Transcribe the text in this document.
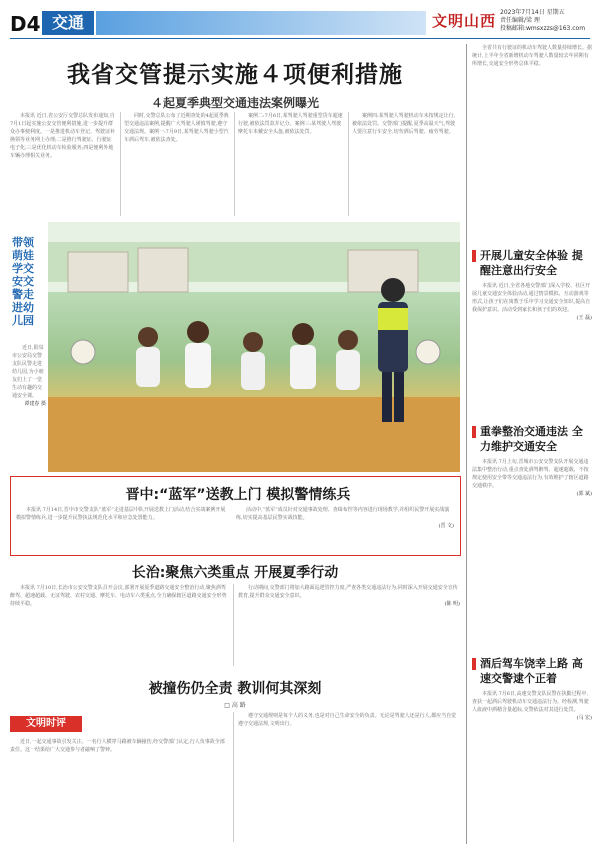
D4 交通	文明山西 2023年7月14日 星期五
责任编辑/梁 理
投稿邮箱:wmsxzzs@163.com
我省交管提示实施４项便利措施
４起夏季典型交通违法案例曝光

本报讯 近日,省公安厅交警总队发布通知,自7月1日起实施公安交管便利措施,进一步提升群众办事便利度。一是推进机动车登记、驾驶证补换领等业务网上办理;二是推行驾驶证、行驶证电子化;三是优化机动车检验服务;四是便利外地车辆办理相关业务。

同时,交警总队公布了近期查处的4起夏季典型交通违法案例,提醒广大驾驶人谨慎驾驶,遵守交通法规。案例一:7月9日,某驾驶人驾驶小型汽车酒后驾车,被依法查处。

案例二:7月6日,某驾驶人驾驶重型货车超速行驶,被依法罚款并记分。案例三:某驾驶人驾驶摩托车未戴安全头盔,被依法处罚。

案例四:某驾驶人驾驶机动车未按规定让行,被依法处罚。交警部门提醒,夏季高温天气,驾驶人要注意行车安全,切勿酒后驾驶、疲劳驾驶。

带领萌娃学交安交警走进幼儿园

近日,阳泉市公安局交警支队民警走进幼儿园,为小朋友们上了一堂生动有趣的交通安全课。

谭建春 摄
晋中:“蓝军”送教上门 模拟警情练兵

本报讯 7月14日,晋中市交警支队“蓝军”走进基层中队开展送教上门活动,结合实战案例开展模拟警情练兵,进一步提升民警执法规范化水平和应急处置能力。

活动中,“蓝军”成员针对交通事故处理、查缉布控等内容进行现场教学,并组织民警开展实战演练,切实提高基层民警实战技能。

(晋 文)
长治:聚焦六类重点 开展夏季行动

本报讯 7月10日,长治市公安交警支队召开会议,部署开展夏季道路交通安全整治行动,聚焦酒驾醉驾、超速超载、无证驾驶、农村交通、摩托车、电动车六类重点,全力确保辖区道路交通安全形势持续平稳。

行动期间,交警部门将加大路面巡逻管控力度,严查各类交通违法行为,同时深入开展交通安全宣传教育,提升群众交通安全意识。

(陈 明)
被撞伤仍全责 教训何其深刻
□ 高 路
文明时评

近日,一起交通事故引发关注。一名行人横穿马路被车辆撞伤,经交警部门认定,行人负事故全部责任。这一结果给广大交通参与者敲响了警钟。

遵守交通规则是每个人的义务,也是对自己生命安全的负责。无论是驾驶人还是行人,都应当自觉遵守交通法规,文明出行。

全省共有行驶证的机动车驾驶人数量持续增长。据统计,上半年全省新增机动车驾驶人数量较去年同期有所增长,交通安全形势总体平稳。

开展儿童安全体验 提醒注意出行安全

本报讯 近日,全省各地交警部门深入学校、社区开展儿童交通安全体验活动,通过情景模拟、互动游戏等形式,让孩子们在寓教于乐中学习交通安全知识,提高自我保护意识。活动受到家长和孩子们的欢迎。

(王 磊)
重拳整治交通违法 全力维护交通安全

本报讯 7月上旬,晋城市公安交警支队开展交通违法集中整治行动,重点查处酒驾醉驾、超速超载、不按规定使用安全带等交通违法行为,有效维护了辖区道路交通秩序。

(郭 斌)
酒后驾车饶幸上路 高速交警逮个正着

本报讯 7月6日,高速交警支队民警在执勤过程中,查获一起酒后驾驶机动车交通违法行为。经检测,驾驶人血液中酒精含量超标,交警依法对其进行处罚。

(马 宏)
